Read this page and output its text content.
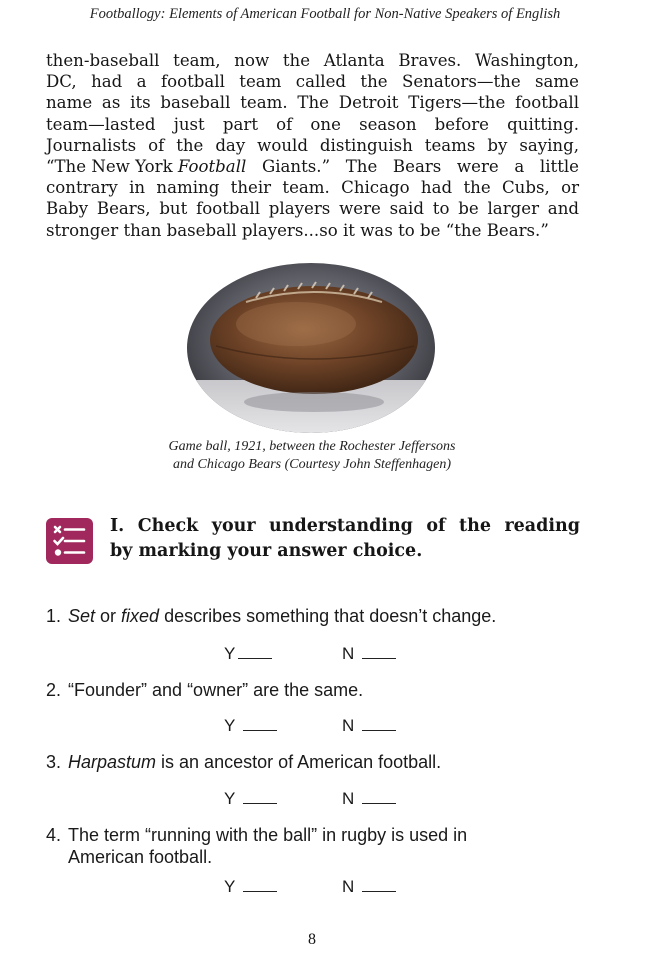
Footballogy: Elements of American Football for Non-Native Speakers of English
then-baseball team, now the Atlanta Braves. Washington,
DC, had a football team called the Senators—the same
name as its baseball team. The Detroit Tigers—the football
team—lasted just part of one season before quitting.
Journalists of the day would distinguish teams by saying,
“The New York Football Giants.” The Bears were a little
contrary in naming their team. Chicago had the Cubs, or
Baby Bears, but football players were said to be larger and
stronger than baseball players...so it was to be “the Bears.”
Game ball, 1921, between the Rochester Jeffersons
and Chicago Bears (Courtesy John Steffenhagen)
I. Check your understanding of the reading
by marking your answer choice.
1. Set or fixed describes something that doesn’t change.
Y	N
2. “Founder” and “owner” are the same.
Y	N
3. Harpastum is an ancestor of American football.
Y	N
4. The term “running with the ball” in rugby is used in
American football.
Y	N
8
